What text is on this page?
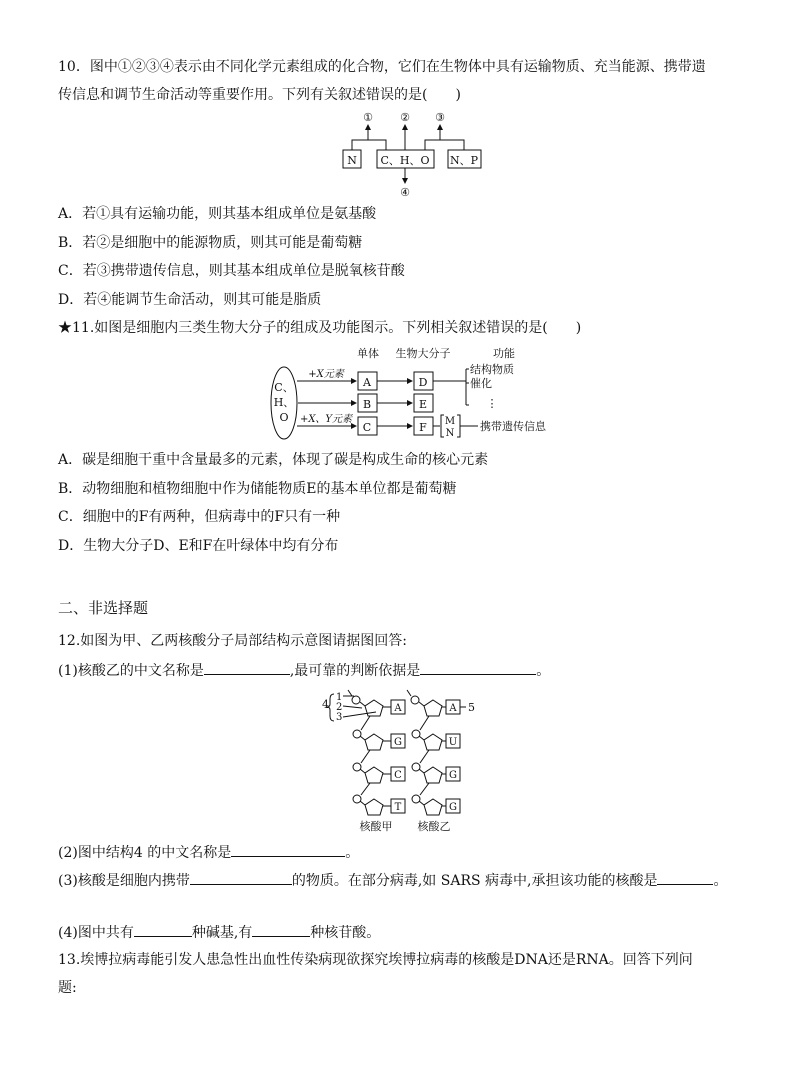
10．图中①②③④表示由不同化学元素组成的化合物，它们在生物体中具有运输物质、充当能源、携带遗
传信息和调节生命活动等重要作用。下列有关叙述错误的是(　　)
N C、H、O N、P
① ② ③
④
A．若①具有运输功能，则其基本组成单位是氨基酸
B．若②是细胞中的能源物质，则其可能是葡萄糖
C．若③携带遗传信息，则其基本组成单位是脱氧核苷酸
D．若④能调节生命活动，则其可能是脂质
★11.如图是细胞内三类生物大分子的组成及功能图示。下列相关叙述错误的是(　　)
单体 生物大分子	功能
C、
H、
O
+X元素
+X、Y元素
A
B
C
D
E
F
结构物质
催化
⋮
M
N
携带遗传信息
A．碳是细胞干重中含量最多的元素，体现了碳是构成生命的核心元素
B．动物细胞和植物细胞中作为储能物质E的基本单位都是葡萄糖
C．细胞中的F有两种，但病毒中的F只有一种
D．生物大分子D、E和F在叶绿体中均有分布
二、非选择题
12.如图为甲、乙两核酸分子局部结构示意图请据图回答:
(1)核酸乙的中文名称是	,最可靠的判断依据是	。
4
1
2
3
A
G
C
T
A
U
G
G
5
核酸甲 核酸乙
(2)图中结构4 的中文名称是	。
(3)核酸是细胞内携带	的物质。在部分病毒,如 SARS 病毒中,承担该功能的核酸是	。
(4)图中共有	种碱基,有	种核苷酸。
13.埃博拉病毒能引发人患急性出血性传染病现欲探究埃博拉病毒的核酸是DNA还是RNA。回答下列问
题:
